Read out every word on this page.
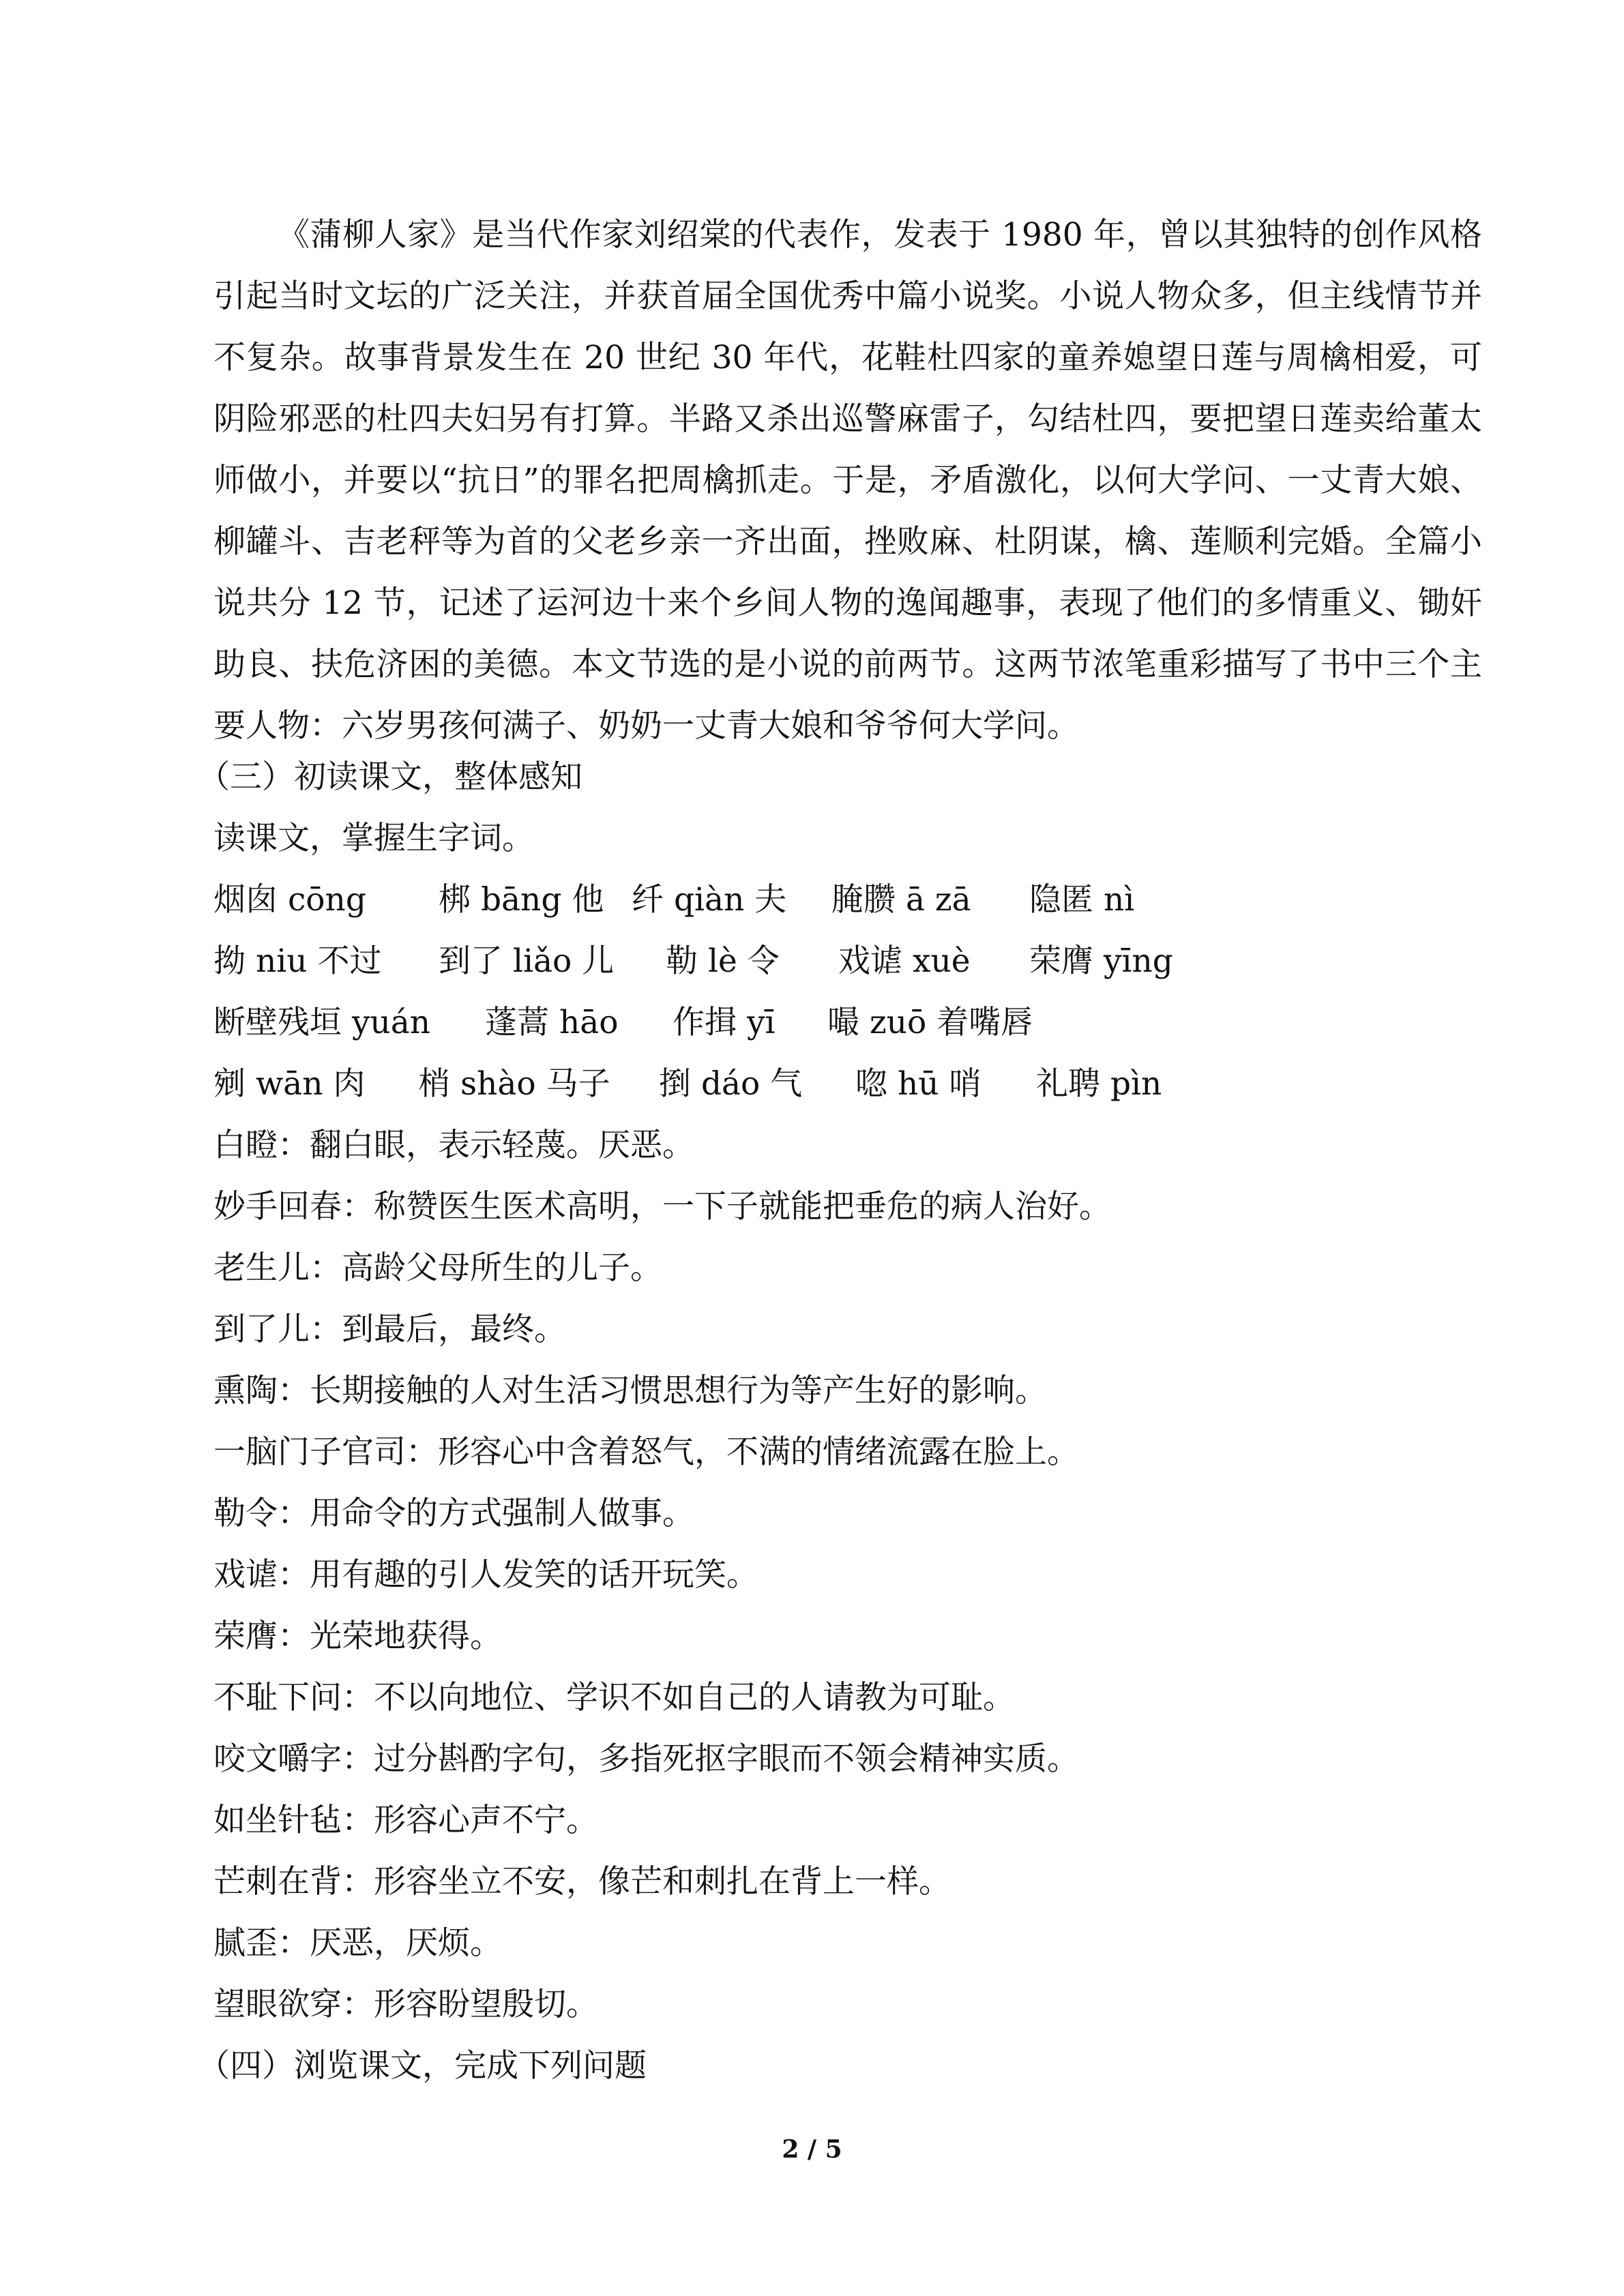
《蒲柳人家》是当代作家刘绍棠的代表作，发表于 1980 年，曾以其独特的创作风格引起当时文坛的广泛关注，并获首届全国优秀中篇小说奖。小说人物众多，但主线情节并不复杂。故事背景发生在 20 世纪 30 年代，花鞋杜四家的童养媳望日莲与周檎相爱，可阴险邪恶的杜四夫妇另有打算。半路又杀出巡警麻雷子，勾结杜四，要把望日莲卖给董太师做小，并要以“抗日”的罪名把周檎抓走。于是，矛盾激化，以何大学问、一丈青大娘、柳罐斗、吉老秤等为首的父老乡亲一齐出面，挫败麻、杜阴谋，檎、莲顺利完婚。全篇小说共分 12 节，记述了运河边十来个乡间人物的逸闻趣事，表现了他们的多情重义、锄奸助良、扶危济困的美德。本文节选的是小说的前两节。这两节浓笔重彩描写了书中三个主要人物：六岁男孩何满子、奶奶一丈青大娘和爷爷何大学问。

（三）初读课文，整体感知
读课文，掌握生字词。
烟囱 cōng 梆 bāng 他 纤 qiàn 夫 腌臜 ā zā 隐匿 nì
拗 niu 不过 到了 liǎo 儿 勒 lè 令 戏谑 xuè 荣膺 yīng
断壁残垣 yuán 蓬蒿 hāo 作揖 yī 嘬 zuō 着嘴唇
剜 wān 肉 梢 shào 马子 捯 dáo 气 唿 hū 哨 礼聘 pìn
白瞪：翻白眼，表示轻蔑。厌恶。
妙手回春：称赞医生医术高明，一下子就能把垂危的病人治好。
老生儿：高龄父母所生的儿子。
到了儿：到最后，最终。
熏陶：长期接触的人对生活习惯思想行为等产生好的影响。
一脑门子官司：形容心中含着怒气，不满的情绪流露在脸上。
勒令：用命令的方式强制人做事。
戏谑：用有趣的引人发笑的话开玩笑。
荣膺：光荣地获得。
不耻下问：不以向地位、学识不如自己的人请教为可耻。
咬文嚼字：过分斟酌字句，多指死抠字眼而不领会精神实质。
如坐针毡：形容心声不宁。
芒刺在背：形容坐立不安，像芒和刺扎在背上一样。
腻歪：厌恶，厌烦。
望眼欲穿：形容盼望殷切。
（四）浏览课文，完成下列问题
2 / 5
